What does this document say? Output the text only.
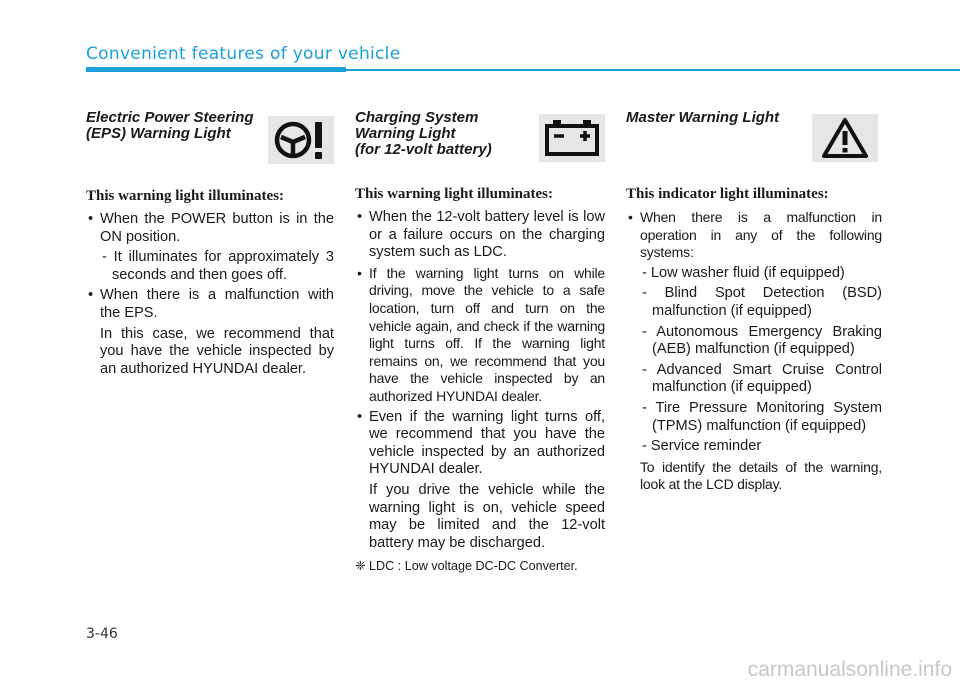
Convenient features of your vehicle
Electric Power Steering
(EPS) Warning Light
This warning light illuminates:
• When the POWER button is in the ON position.
- It illuminates for approximately 3 seconds and then goes off.
• When there is a malfunction with the EPS.
In this case, we recommend that you have the vehicle inspected by an authorized HYUNDAI dealer.
Charging System
Warning Light
(for 12-volt battery)
This warning light illuminates:
• When the 12-volt battery level is low or a failure occurs on the charging system such as LDC.
• If the warning light turns on while driving, move the vehicle to a safe location, turn off and turn on the vehicle again, and check if the warning light turns off. If the warning light remains on, we recommend that you have the vehicle inspected by an authorized HYUNDAI dealer.
• Even if the warning light turns off, we recommend that you have the vehicle inspected by an authorized HYUNDAI dealer.
If you drive the vehicle while the warning light is on, vehicle speed may be limited and the 12-volt battery may be discharged.
❈ LDC : Low voltage DC-DC Converter.
Master Warning Light
This indicator light illuminates:
• When there is a malfunction in operation in any of the following systems:
- Low washer fluid (if equipped)
- Blind Spot Detection (BSD) malfunction (if equipped)
- Autonomous Emergency Braking (AEB) malfunction (if equipped)
- Advanced Smart Cruise Control malfunction (if equipped)
- Tire Pressure Monitoring System (TPMS) malfunction (if equipped)
- Service reminder
To identify the details of the warning, look at the LCD display.
3-46
carmanualsonline.info
